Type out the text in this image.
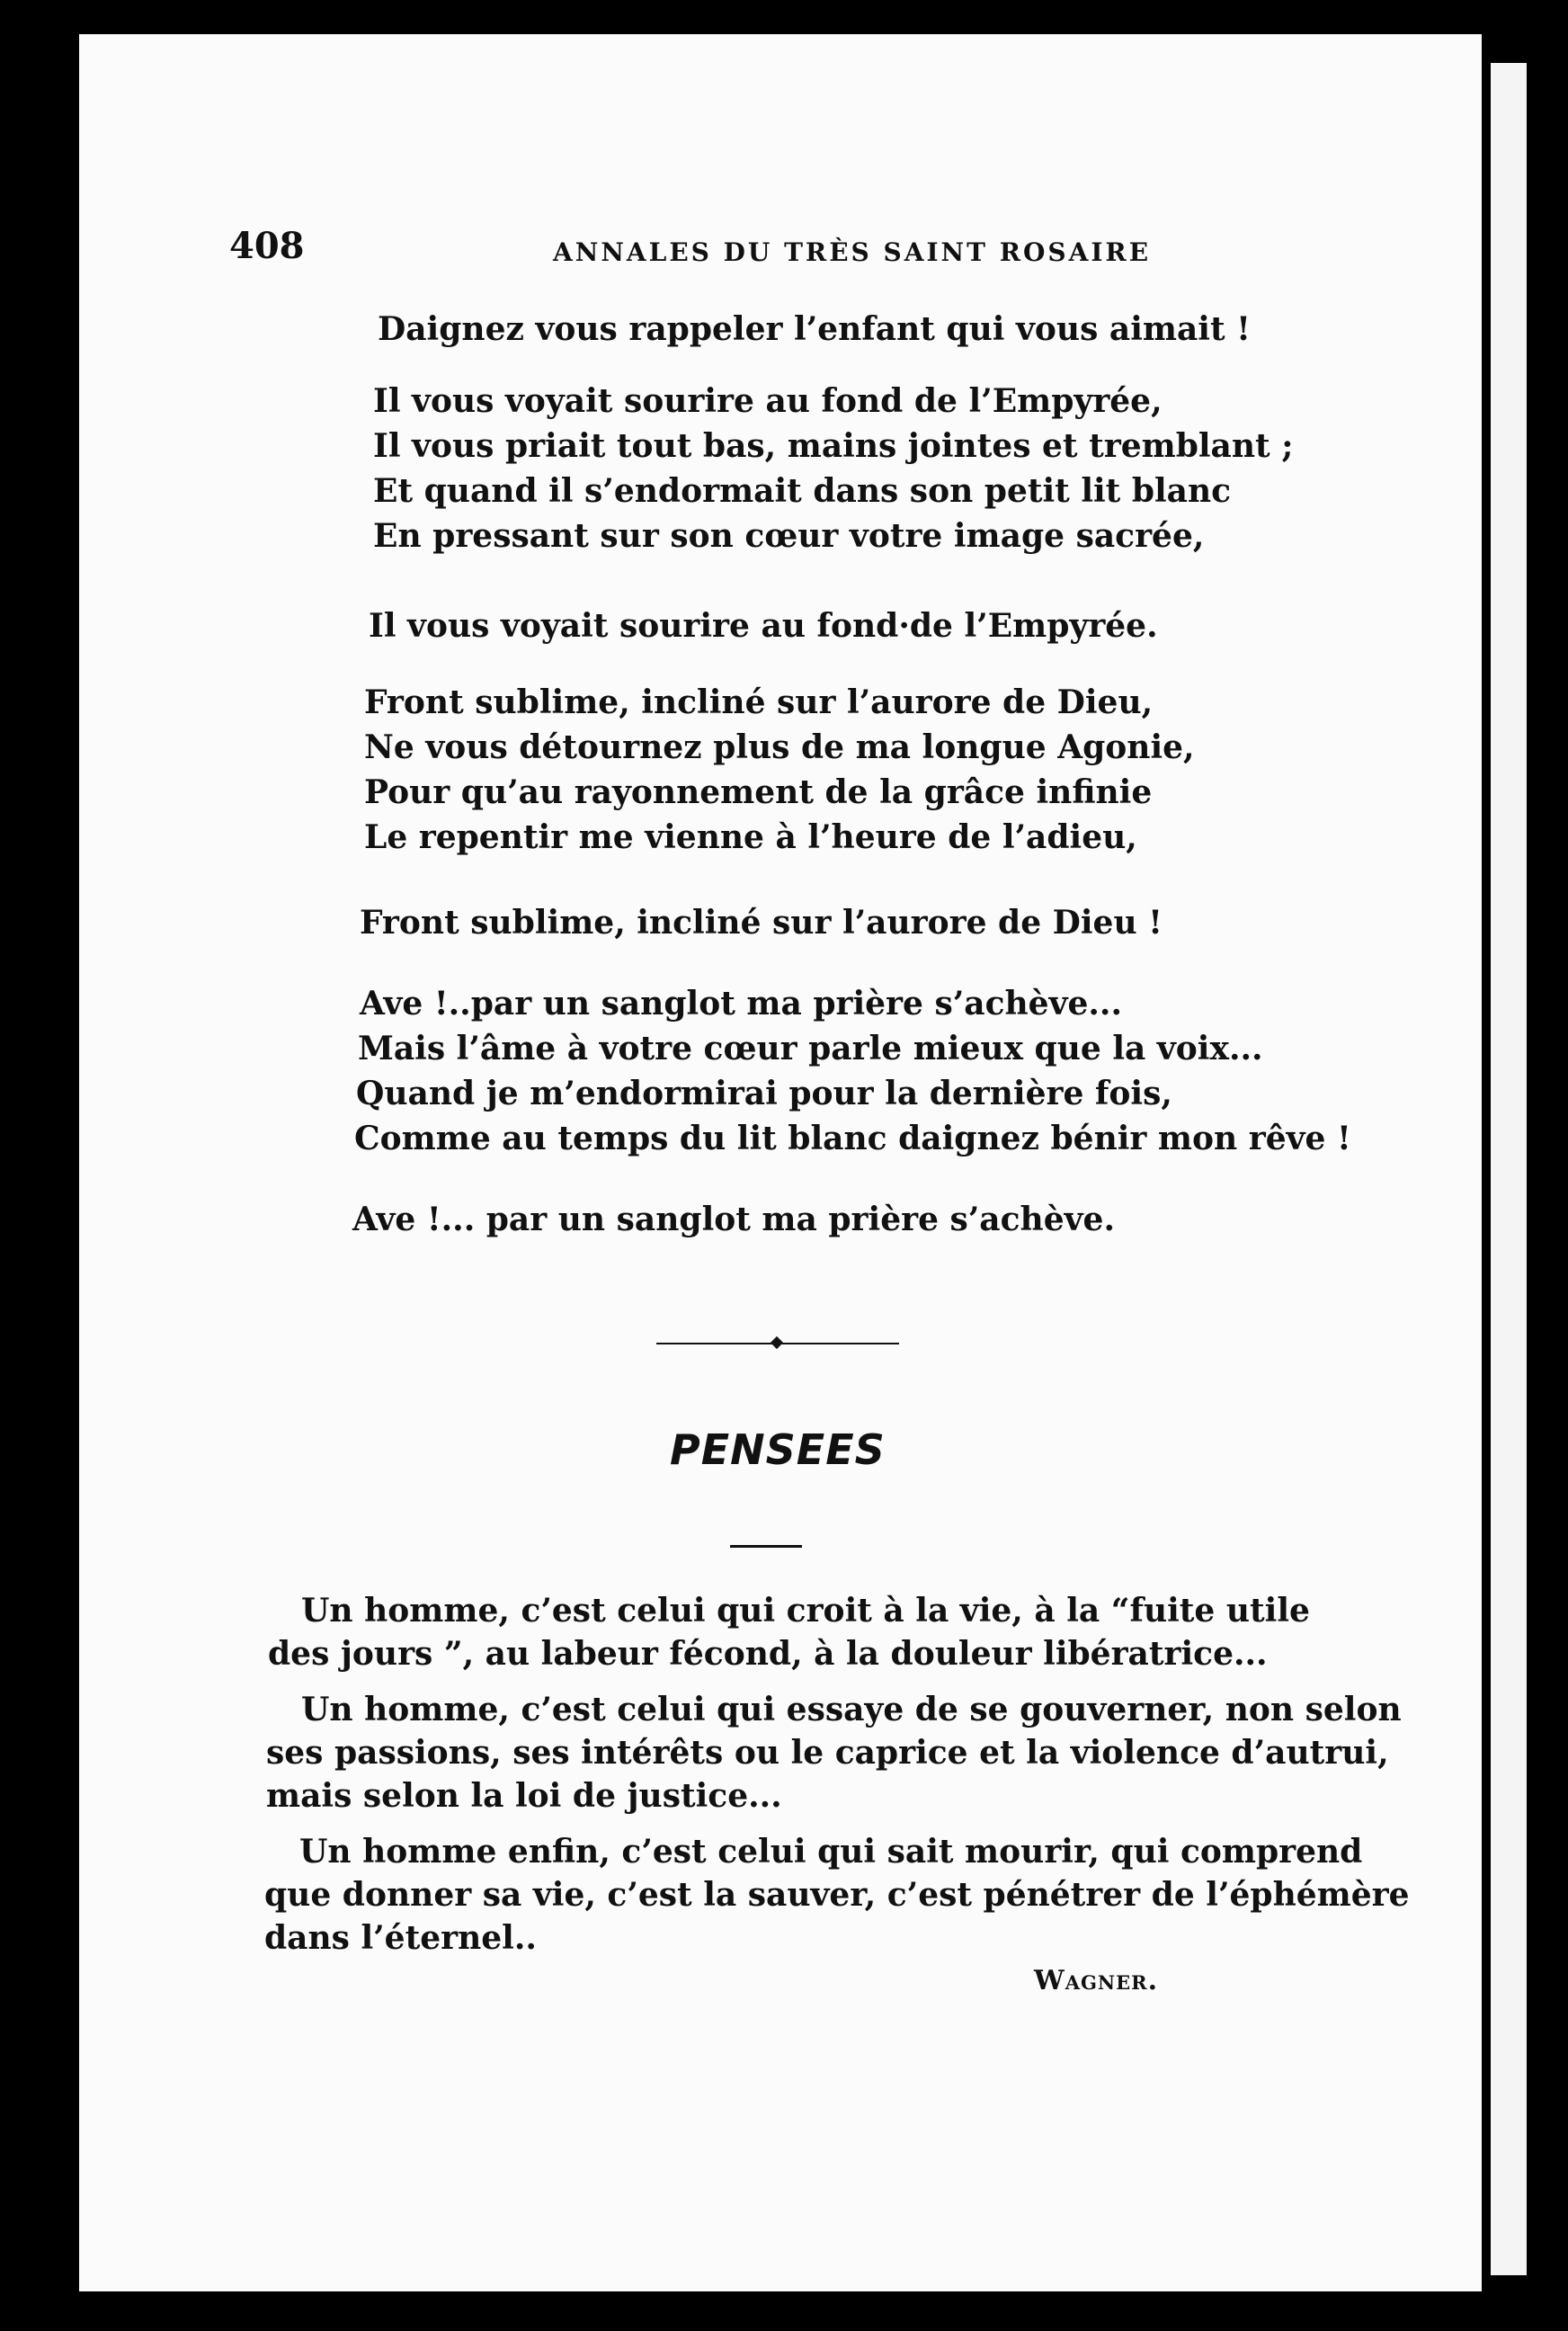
408	ANNALES DU TRÈS SAINT ROSAIRE
Daignez vous rappeler l’enfant qui vous aimait !
Il vous voyait sourire au fond de l’Empyrée,
Il vous priait tout bas, mains jointes et tremblant ;
Et quand il s’endormait dans son petit lit blanc
En pressant sur son cœur votre image sacrée,
Il vous voyait sourire au fond·de l’Empyrée.
Front sublime, incliné sur l’aurore de Dieu,
Ne vous détournez plus de ma longue Agonie,
Pour qu’au rayonnement de la grâce infinie
Le repentir me vienne à l’heure de l’adieu,
Front sublime, incliné sur l’aurore de Dieu !
Ave !..par un sanglot ma prière s’achève...
Mais l’âme à votre cœur parle mieux que la voix...
Quand je m’endormirai pour la dernière fois,
Comme au temps du lit blanc daignez bénir mon rêve !
Ave !... par un sanglot ma prière s’achève.
PENSEES
Un homme, c’est celui qui croit à la vie, à la “fuite utile
des jours ”, au labeur fécond, à la douleur libératrice...
Un homme, c’est celui qui essaye de se gouverner, non selon
ses passions, ses intérêts ou le caprice et la violence d’autrui,
mais selon la loi de justice...
Un homme enfin, c’est celui qui sait mourir, qui comprend
que donner sa vie, c’est la sauver, c’est pénétrer de l’éphémère
dans l’éternel..
Wagner.
